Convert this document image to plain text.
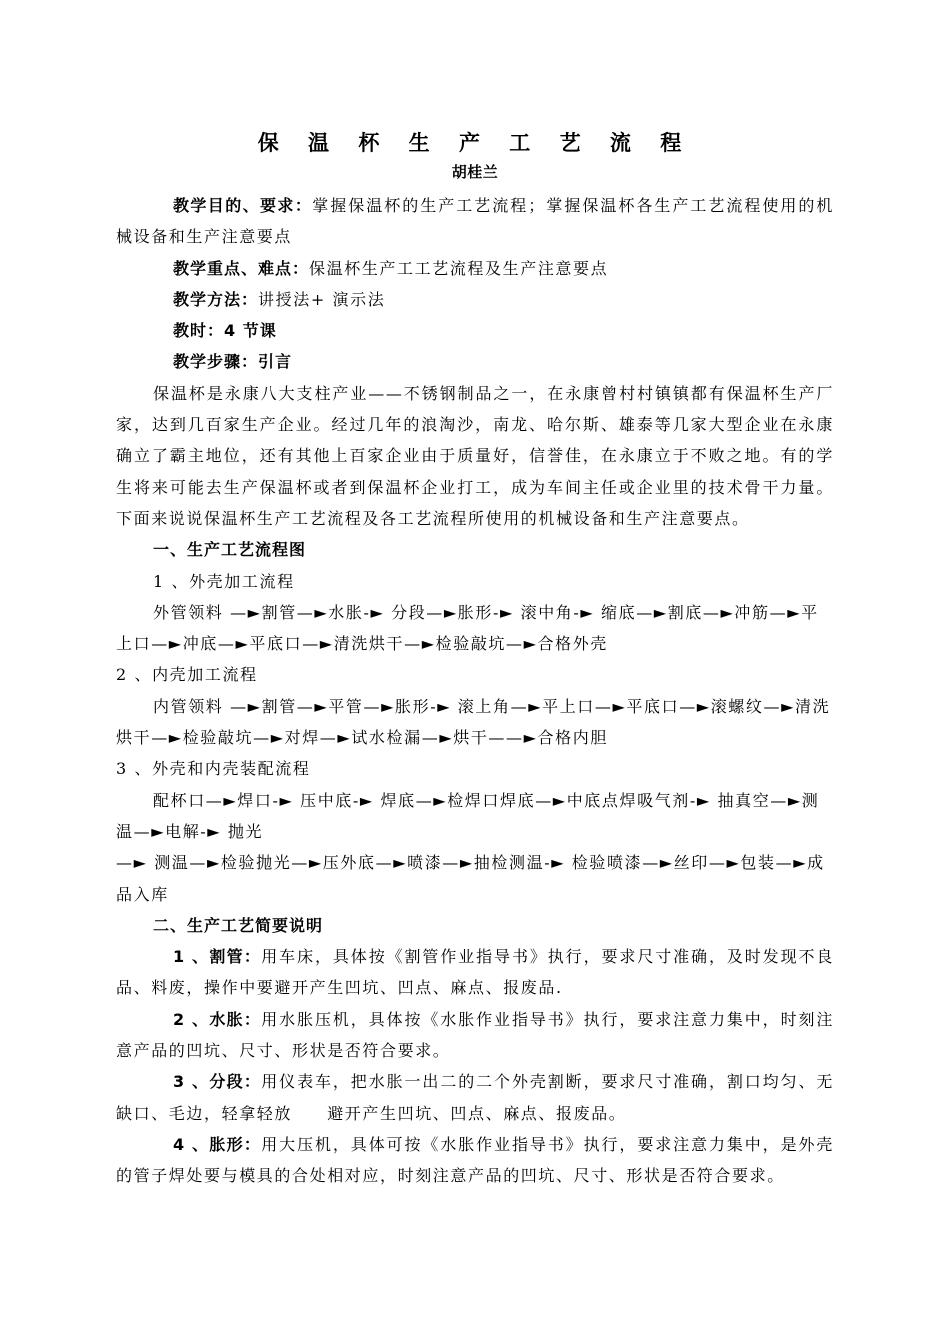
保 温 杯 生 产 工 艺 流 程
胡桂兰

教学目的、要求：掌握保温杯的生产工艺流程；掌握保温杯各生产工艺流程使用的机械设备和生产注意要点

教学重点、难点：保温杯生产工工艺流程及生产注意要点

教学方法：讲授法+ 演示法

教时：4 节课

教学步骤：引言

保温杯是永康八大支柱产业——不锈钢制品之一，在永康曾村村镇镇都有保温杯生产厂家，达到几百家生产企业。经过几年的浪淘沙，南龙、哈尔斯、雄泰等几家大型企业在永康确立了霸主地位，还有其他上百家企业由于质量好，信誉佳，在永康立于不败之地。有的学生将来可能去生产保温杯或者到保温杯企业打工，成为车间主任或企业里的技术骨干力量。下面来说说保温杯生产工艺流程及各工艺流程所使用的机械设备和生产注意要点。

一、生产工艺流程图

1 、外壳加工流程

外管领料 —►割管—►水胀-► 分段—►胀形-► 滚中角-► 缩底—►割底—►冲筋—►平上口—►冲底—►平底口—►清洗烘干—►检验敲坑—►合格外壳

2 、内壳加工流程

内管领料 —►割管—►平管—►胀形-► 滚上角—►平上口—►平底口—►滚螺纹—►清洗烘干—►检验敲坑—►对焊—►试水检漏—►烘干——►合格内胆

3 、外壳和内壳装配流程

配杯口—►焊口-► 压中底-► 焊底—►检焊口焊底—►中底点焊吸气剂-► 抽真空—►测温—►电解-► 抛光

—► 测温—►检验抛光—►压外底—►喷漆—►抽检测温-► 检验喷漆—►丝印—►包装—►成品入库

二、生产工艺简要说明

1 、割管：用车床，具体按《割管作业指导书》执行，要求尺寸准确，及时发现不良品、料废，操作中要避开产生凹坑、凹点、麻点、报废品.

2 、水胀：用水胀压机，具体按《水胀作业指导书》执行，要求注意力集中，时刻注意产品的凹坑、尺寸、形状是否符合要求。

3 、分段：用仪表车，把水胀一出二的二个外壳割断，要求尺寸准确，割口均匀、无缺口、毛边，轻拿轻放　　避开产生凹坑、凹点、麻点、报废品。

4 、胀形：用大压机，具体可按《水胀作业指导书》执行，要求注意力集中，是外壳的管子焊处要与模具的合处相对应，时刻注意产品的凹坑、尺寸、形状是否符合要求。
